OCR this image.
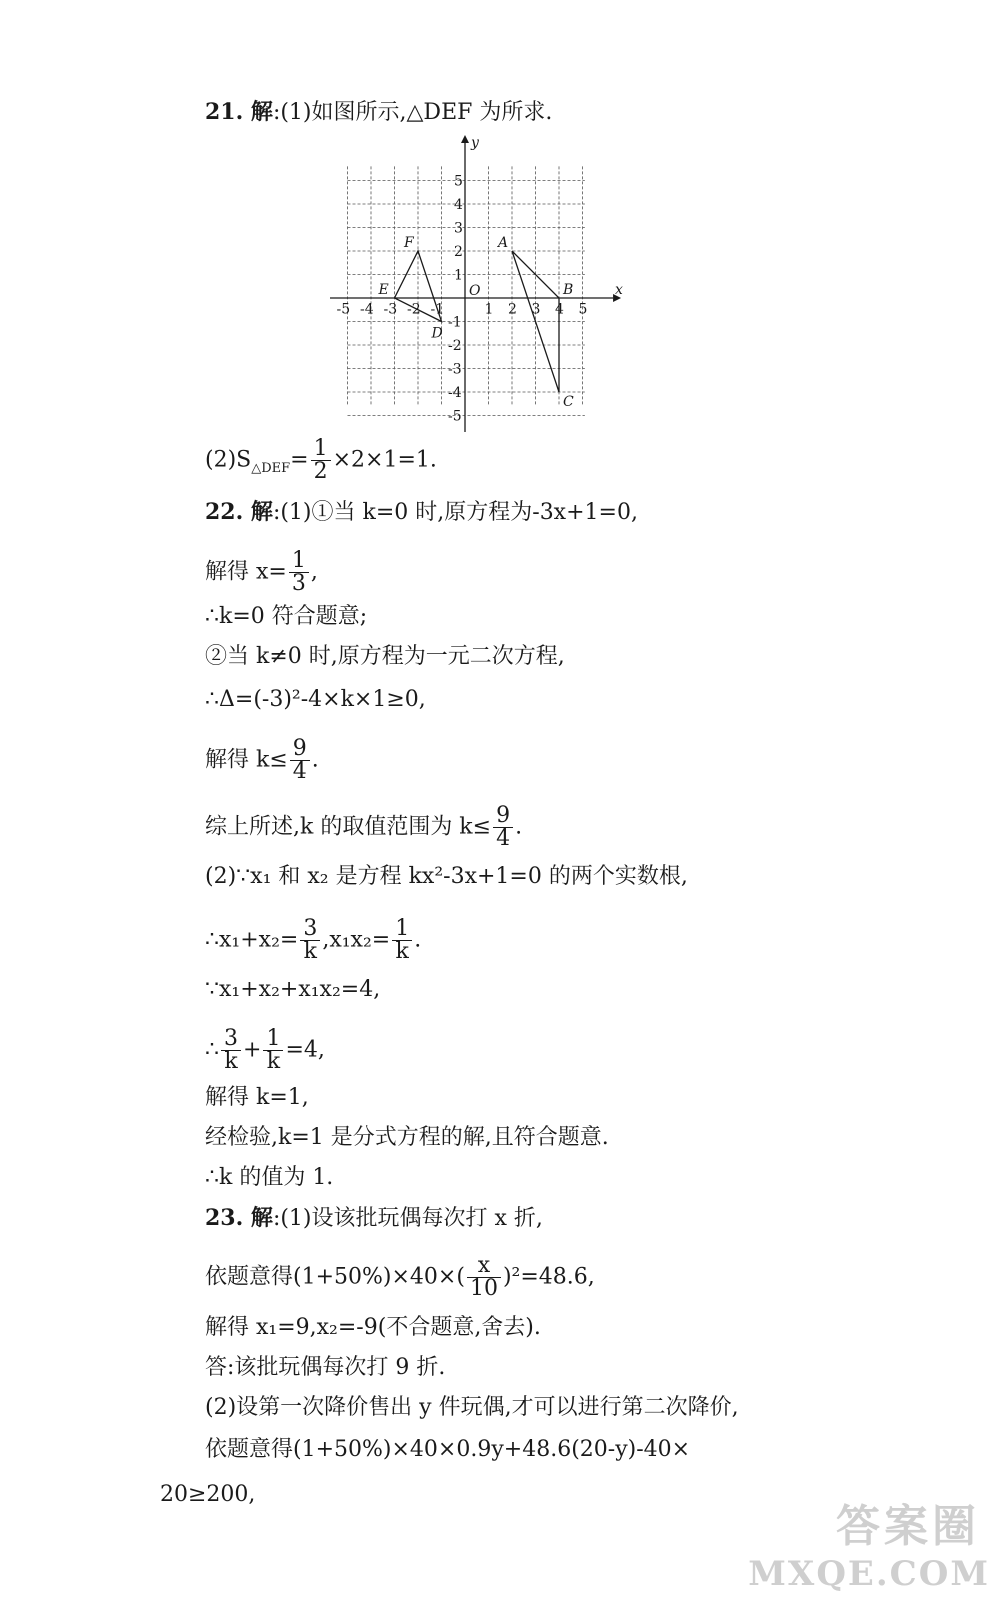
21. 解:(1)如图所示,△DEF 为所求.
x
y
O
-5 -4 -3 -2 -1	1 2 3 4 5
5
4
3
2
1
-1
-2
-3
-4
-5
A
B
C
D
E
F
$(2)S_{\triangle DEF}= \frac{1}{2} \times 2\times 1=1$.
22. 解:(1)①当 k=0 时,原方程为-3x+1=0,
解得 $x= \frac{1}{3}$ ,
∴k=0 符合题意;
②当 k≠0 时,原方程为一元二次方程,
∴Δ=(-3)²-4×k×1≥0,
解得 $k\le \frac{9}{4}$ .
综上所述,k 的取值范围为 $k\le \frac{9}{4}$ .
(2)∵x₁ 和 x₂ 是方程 kx²-3x+1=0 的两个实数根,
∴x₁+x₂= $\frac{3}{k} ,x_1x_2= \frac{1}{k}$ .
∵x₁+x₂+x₁x₂=4,
∴ $\frac{3}{k} + \frac{1}{k} =4$,
解得 k=1,
经检验,k=1 是分式方程的解,且符合题意.
∴k 的值为 1.
23. 解:(1)设该批玩偶每次打 x 折,
依题意得$(1+50\%)\times 40\times( \frac{x}{10} )^2=48.6$,
解得 x₁=9,x₂=-9(不合题意,舍去).
答:该批玩偶每次打 9 折.
(2)设第一次降价售出 y 件玩偶,才可以进行第二次降价,
依题意得(1+50%)×40×0.9y+48.6(20-y)-40×
20≥200,
答案圈
MXQE.COM
